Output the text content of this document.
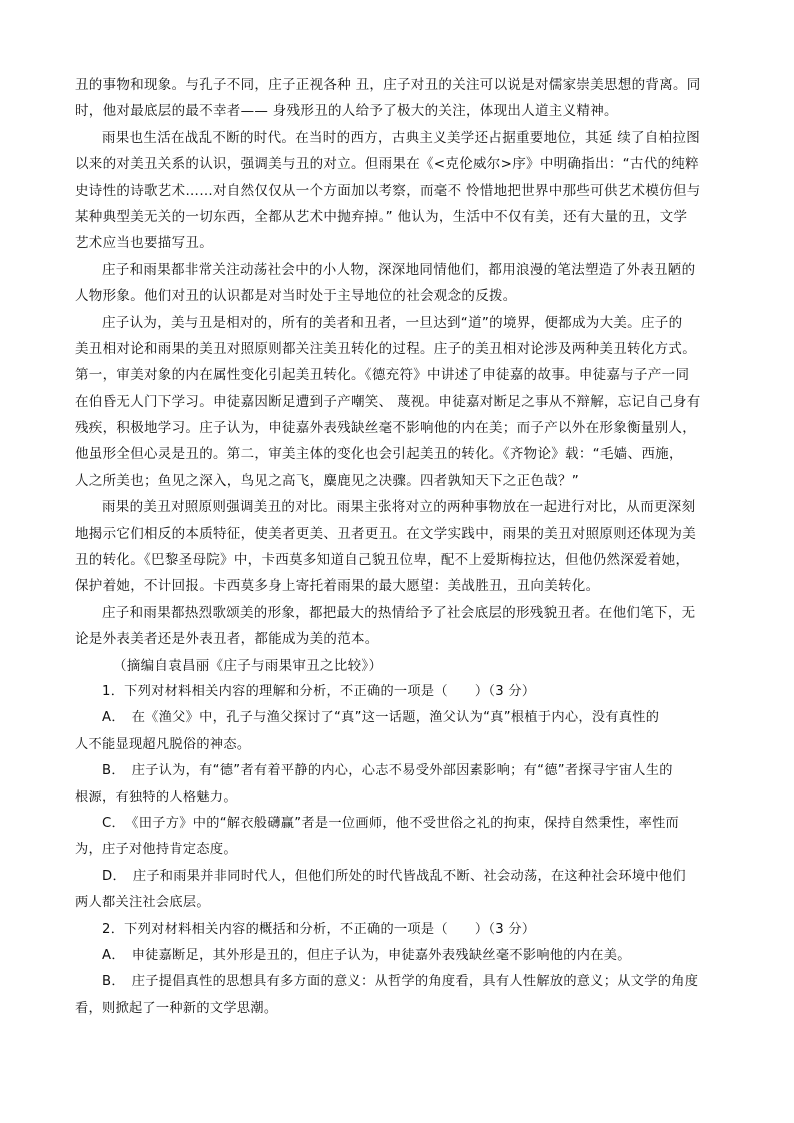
丑的事物和现象。与孔子不同，庄子正视各种 丑，庄子对丑的关注可以说是对儒家崇美思想的背离。同
时，他对最底层的最不幸者—— 身残形丑的人给予了极大的关注，体现出人道主义精神。
雨果也生活在战乱不断的时代。在当时的西方，古典主义美学还占据重要地位，其延 续了自柏拉图
以来的对美丑关系的认识，强调美与丑的对立。但雨果在《<克伦威尔>序》中明确指出：“古代的纯粹
史诗性的诗歌艺术……对自然仅仅从一个方面加以考察，而毫不 怜惜地把世界中那些可供艺术模仿但与
某种典型美无关的一切东西，全都从艺术中抛弃掉。” 他认为，生活中不仅有美，还有大量的丑，文学
艺术应当也要描写丑。
庄子和雨果都非常关注动荡社会中的小人物，深深地同情他们，都用浪漫的笔法塑造了外表丑陋的
人物形象。他们对丑的认识都是对当时处于主导地位的社会观念的反拨。
庄子认为，美与丑是相对的，所有的美者和丑者，一旦达到“道”的境界，便都成为大美。庄子的
美丑相对论和雨果的美丑对照原则都关注美丑转化的过程。庄子的美丑相对论涉及两种美丑转化方式。
第一，审美对象的内在属性变化引起美丑转化。《德充符》中讲述了申徒嘉的故事。申徒嘉与子产一同
在伯昏无人门下学习。申徒嘉因断足遭到子产嘲笑、 蔑视。申徒嘉对断足之事从不辩解，忘记自己身有
残疾，积极地学习。庄子认为，申徒嘉外表残缺丝毫不影响他的内在美；而子产以外在形象衡量别人，
他虽形全但心灵是丑的。第二，审美主体的变化也会引起美丑的转化。《齐物论》载：“毛嫱、西施，
人之所美也；鱼见之深入，鸟见之高飞，麋鹿见之决骤。四者孰知天下之正色哉？”
雨果的美丑对照原则强调美丑的对比。雨果主张将对立的两种事物放在一起进行对比，从而更深刻
地揭示它们相反的本质特征，使美者更美、丑者更丑。在文学实践中，雨果的美丑对照原则还体现为美
丑的转化。《巴黎圣母院》中，卡西莫多知道自己貌丑位卑，配不上爱斯梅拉达，但他仍然深爱着她，
保护着她，不计回报。卡西莫多身上寄托着雨果的最大愿望：美战胜丑，丑向美转化。
庄子和雨果都热烈歌颂美的形象，都把最大的热情给予了社会底层的形残貌丑者。在他们笔下，无
论是外表美者还是外表丑者，都能成为美的范本。
（摘编自袁昌丽《庄子与雨果审丑之比较》）
1．下列对材料相关内容的理解和分析，不正确的一项是（　　）（3 分）
A．　在《渔父》中，孔子与渔父探讨了“真”这一话题，渔父认为“真”根植于内心，没有真性的
人不能显现超凡脱俗的神态。
B．　庄子认为，有“德”者有着平静的内心，心志不易受外部因素影响；有“德”者探寻宇宙人生的
根源，有独特的人格魅力。
C．　《田子方》中的“解衣般礴赢”者是一位画师，他不受世俗之礼的拘束，保持自然秉性，率性而
为，庄子对他持肯定态度。
D．　庄子和雨果并非同时代人，但他们所处的时代皆战乱不断、社会动荡，在这种社会环境中他们
两人都关注社会底层。
2．下列对材料相关内容的概括和分析，不正确的一项是（　　）（3 分）
A．　申徒嘉断足，其外形是丑的，但庄子认为，申徒嘉外表残缺丝毫不影响他的内在美。
B．　庄子提倡真性的思想具有多方面的意义：从哲学的角度看，具有人性解放的意义；从文学的角度
看，则掀起了一种新的文学思潮。
